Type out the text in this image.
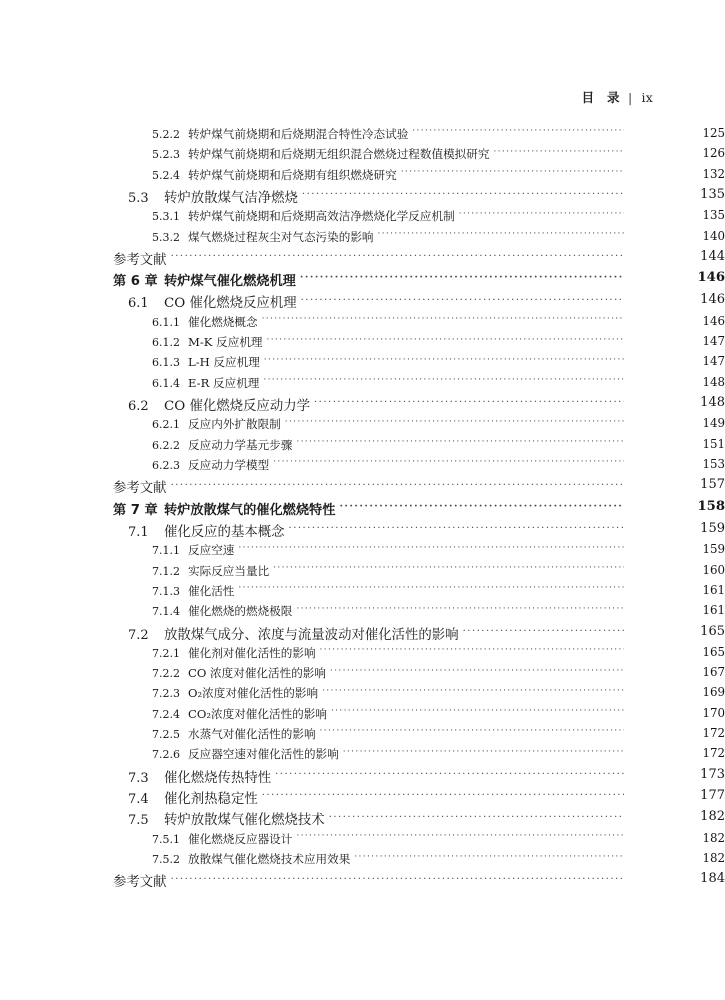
目　录 | ix
5.2.2 转炉煤气前烧期和后烧期混合特性冷态试验 ·····	125
5.2.3 转炉煤气前烧期和后烧期无组织混合燃烧过程数值模拟研究 ·····	126
5.2.4 转炉煤气前烧期和后烧期有组织燃烧研究 ·····	132
5.3	转炉放散煤气洁净燃烧 ·····	135
5.3.1 转炉煤气前烧期和后烧期高效洁净燃烧化学反应机制 ·····	135
5.3.2 煤气燃烧过程灰尘对气态污染的影响 ·····	140
参考文献 ·····	144
第 6 章 转炉煤气催化燃烧机理 ·····	146
6.1	CO 催化燃烧反应机理 ·····	146
6.1.1 催化燃烧概念 ·····	146
6.1.2 M-K 反应机理 ·····	147
6.1.3 L-H 反应机理 ·····	147
6.1.4 E-R 反应机理 ·····	148
6.2	CO 催化燃烧反应动力学 ·····	148
6.2.1 反应内外扩散限制 ·····	149
6.2.2 反应动力学基元步骤 ·····	151
6.2.3 反应动力学模型 ·····	153
参考文献 ·····	157
第 7 章 转炉放散煤气的催化燃烧特性 ·····	158
7.1	催化反应的基本概念 ·····	159
7.1.1 反应空速 ·····	159
7.1.2 实际反应当量比 ·····	160
7.1.3 催化活性 ·····	161
7.1.4 催化燃烧的燃烧极限 ·····	161
7.2	放散煤气成分、浓度与流量波动对催化活性的影响 ·····	165
7.2.1 催化剂对催化活性的影响 ·····	165
7.2.2 CO 浓度对催化活性的影响 ·····	167
7.2.3 O₂浓度对催化活性的影响 ·····	169
7.2.4 CO₂浓度对催化活性的影响 ·····	170
7.2.5 水蒸气对催化活性的影响 ·····	172
7.2.6 反应器空速对催化活性的影响 ·····	172
7.3	催化燃烧传热特性 ·····	173
7.4	催化剂热稳定性 ·····	177
7.5	转炉放散煤气催化燃烧技术 ·····	182
7.5.1 催化燃烧反应器设计 ·····	182
7.5.2 放散煤气催化燃烧技术应用效果 ·····	182
参考文献 ·····	184
